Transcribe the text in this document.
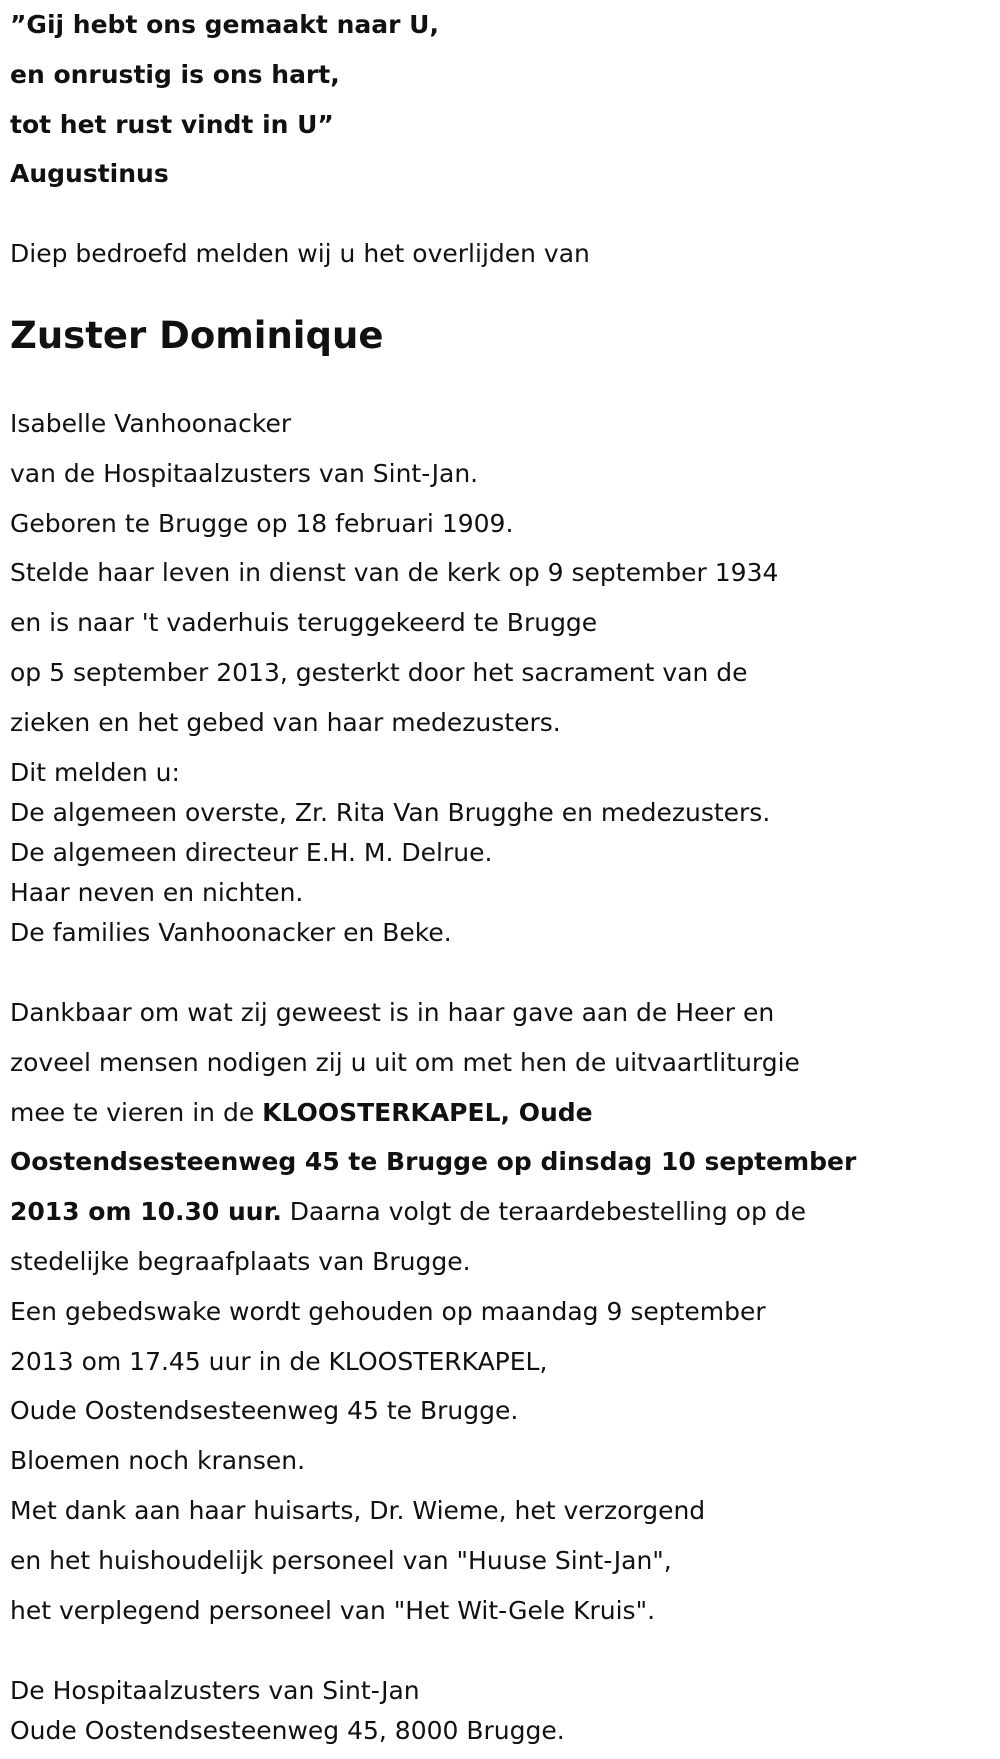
”Gij hebt ons gemaakt naar U,
en onrustig is ons hart,
tot het rust vindt in U”
Augustinus
Diep bedroefd melden wij u het overlijden van
Zuster Dominique
Isabelle Vanhoonacker
van de Hospitaalzusters van Sint-Jan.
Geboren te Brugge op 18 februari 1909.
Stelde haar leven in dienst van de kerk op 9 september 1934
en is naar 't vaderhuis teruggekeerd te Brugge
op 5 september 2013, gesterkt door het sacrament van de
zieken en het gebed van haar medezusters.
Dit melden u:
De algemeen overste, Zr. Rita Van Brugghe en medezusters.
De algemeen directeur E.H. M. Delrue.
Haar neven en nichten.
De families Vanhoonacker en Beke.
Dankbaar om wat zij geweest is in haar gave aan de Heer en
zoveel mensen nodigen zij u uit om met hen de uitvaartliturgie
mee te vieren in de KLOOSTERKAPEL, Oude
Oostendsesteenweg 45 te Brugge op dinsdag 10 september
2013 om 10.30 uur. Daarna volgt de teraardebestelling op de
stedelijke begraafplaats van Brugge.
Een gebedswake wordt gehouden op maandag 9 september
2013 om 17.45 uur in de KLOOSTERKAPEL,
Oude Oostendsesteenweg 45 te Brugge.
Bloemen noch kransen.
Met dank aan haar huisarts, Dr. Wieme, het verzorgend
en het huishoudelijk personeel van "Huuse Sint-Jan",
het verplegend personeel van "Het Wit-Gele Kruis".
De Hospitaalzusters van Sint-Jan
Oude Oostendsesteenweg 45, 8000 Brugge.
